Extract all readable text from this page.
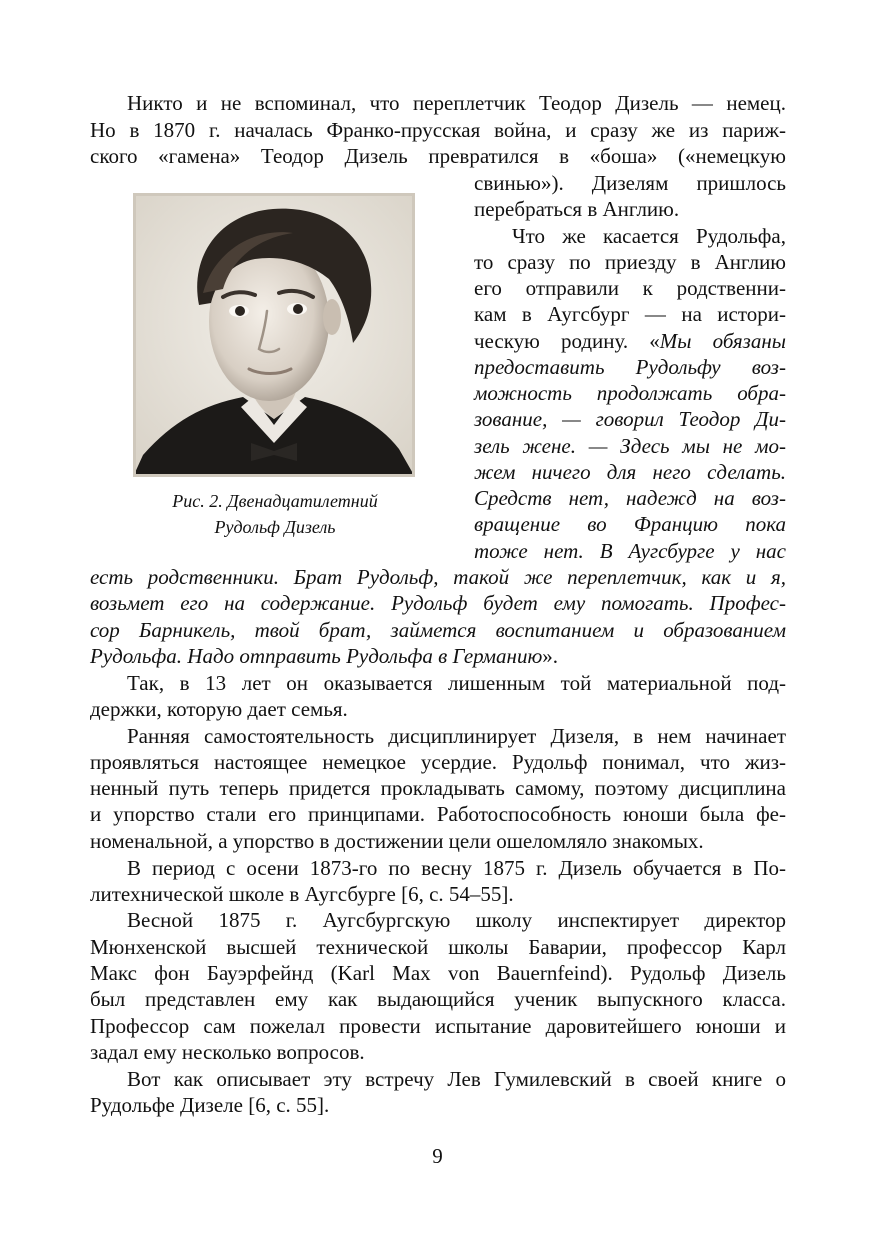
Никто и не вспоминал, что переплетчик Теодор Дизель — немец.
Но в 1870 г. началась Франко-прусская война, и сразу же из париж-
ского «гамена» Теодор Дизель превратился в «боша» («немецкую
Рис. 2. Двенадцатилетний
Рудольф Дизель
свинью»). Дизелям пришлось
перебраться в Англию.
Что же касается Рудольфа,
то сразу по приезду в Англию
его отправили к родственни-
кам в Аугсбург — на истори-
ческую родину. «Мы обязаны
предоставить Рудольфу воз-
можность продолжать обра-
зование, — говорил Теодор Ди-
зель жене. — Здесь мы не мо-
жем ничего для него сделать.
Средств нет, надежд на воз-
вращение во Францию пока
тоже нет. В Аугсбурге у нас
есть родственники. Брат Рудольф, такой же переплетчик, как и я,
возьмет его на содержание. Рудольф будет ему помогать. Профес-
сор Барникель, твой брат, займется воспитанием и образованием
Рудольфа. Надо отправить Рудольфа в Германию».
Так, в 13 лет он оказывается лишенным той материальной под-
держки, которую дает семья.
Ранняя самостоятельность дисциплинирует Дизеля, в нем начинает
проявляться настоящее немецкое усердие. Рудольф понимал, что жиз-
ненный путь теперь придется прокладывать самому, поэтому дисциплина
и упорство стали его принципами. Работоспособность юноши была фе-
номенальной, а упорство в достижении цели ошеломляло знакомых.
В период с осени 1873-го по весну 1875 г. Дизель обучается в По-
литехнической школе в Аугсбурге [6, с. 54–55].
Весной 1875 г. Аугсбургскую школу инспектирует директор
Мюнхенской высшей технической школы Баварии, профессор Карл
Макс фон Бауэрфейнд (Karl Max von Bauernfeind). Рудольф Дизель
был представлен ему как выдающийся ученик выпускного класса.
Профессор сам пожелал провести испытание даровитейшего юноши и
задал ему несколько вопросов.
Вот как описывает эту встречу Лев Гумилевский в своей книге о
Рудольфе Дизеле [6, с. 55].
9
